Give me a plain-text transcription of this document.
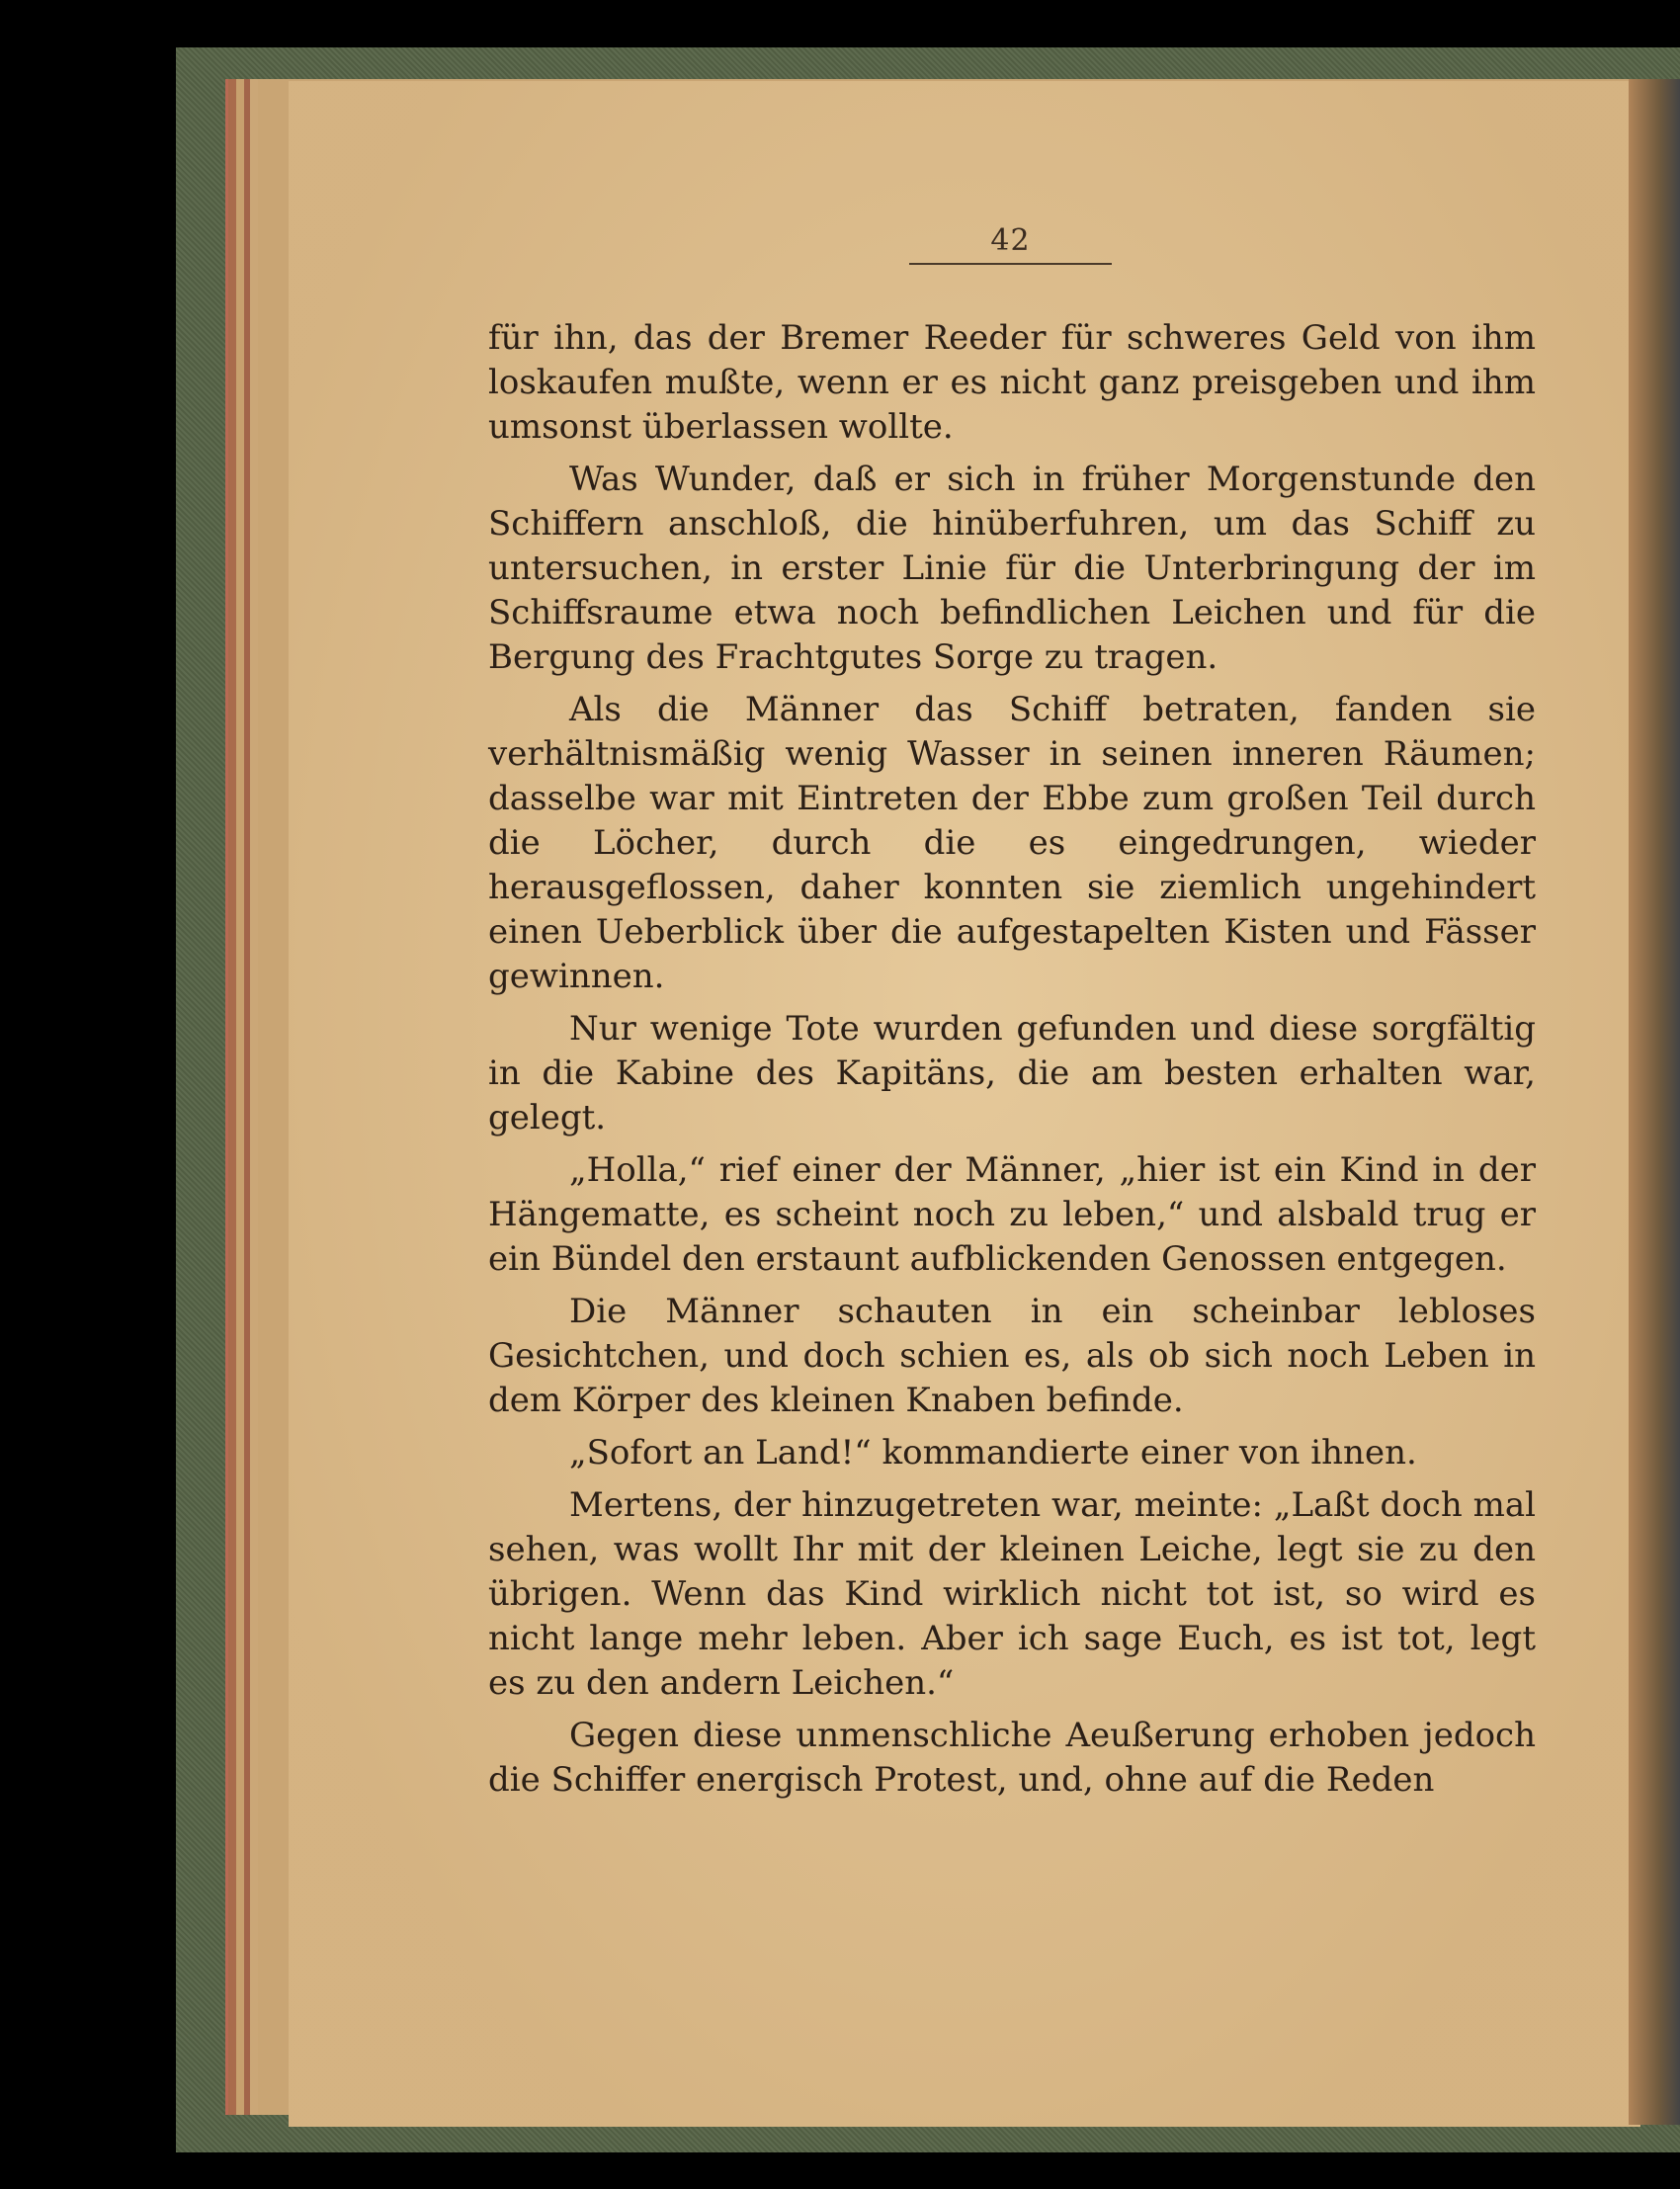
42

für ihn, das der Bremer Reeder für schweres Geld von ihm loskaufen mußte, wenn er es nicht ganz preisgeben und ihm umsonst überlassen wollte.

Was Wunder, daß er sich in früher Morgenstunde den Schiffern anschloß, die hinüberfuhren, um das Schiff zu untersuchen, in erster Linie für die Unterbringung der im Schiffsraume etwa noch befindlichen Leichen und für die Bergung des Frachtgutes Sorge zu tragen.

Als die Männer das Schiff betraten, fanden sie verhältnismäßig wenig Wasser in seinen inneren Räumen; dasselbe war mit Eintreten der Ebbe zum großen Teil durch die Löcher, durch die es eingedrungen, wieder herausgeflossen, daher konnten sie ziemlich ungehindert einen Ueberblick über die aufgestapelten Kisten und Fässer gewinnen.

Nur wenige Tote wurden gefunden und diese sorgfältig in die Kabine des Kapitäns, die am besten erhalten war, gelegt.

„Holla,“ rief einer der Männer, „hier ist ein Kind in der Hängematte, es scheint noch zu leben,“ und alsbald trug er ein Bündel den erstaunt aufblickenden Genossen entgegen.

Die Männer schauten in ein scheinbar lebloses Gesichtchen, und doch schien es, als ob sich noch Leben in dem Körper des kleinen Knaben befinde.

„Sofort an Land!“ kommandierte einer von ihnen.

Mertens, der hinzugetreten war, meinte: „Laßt doch mal sehen, was wollt Ihr mit der kleinen Leiche, legt sie zu den übrigen. Wenn das Kind wirklich nicht tot ist, so wird es nicht lange mehr leben. Aber ich sage Euch, es ist tot, legt es zu den andern Leichen.“

Gegen diese unmenschliche Aeußerung erhoben jedoch die Schiffer energisch Protest, und, ohne auf die Reden
